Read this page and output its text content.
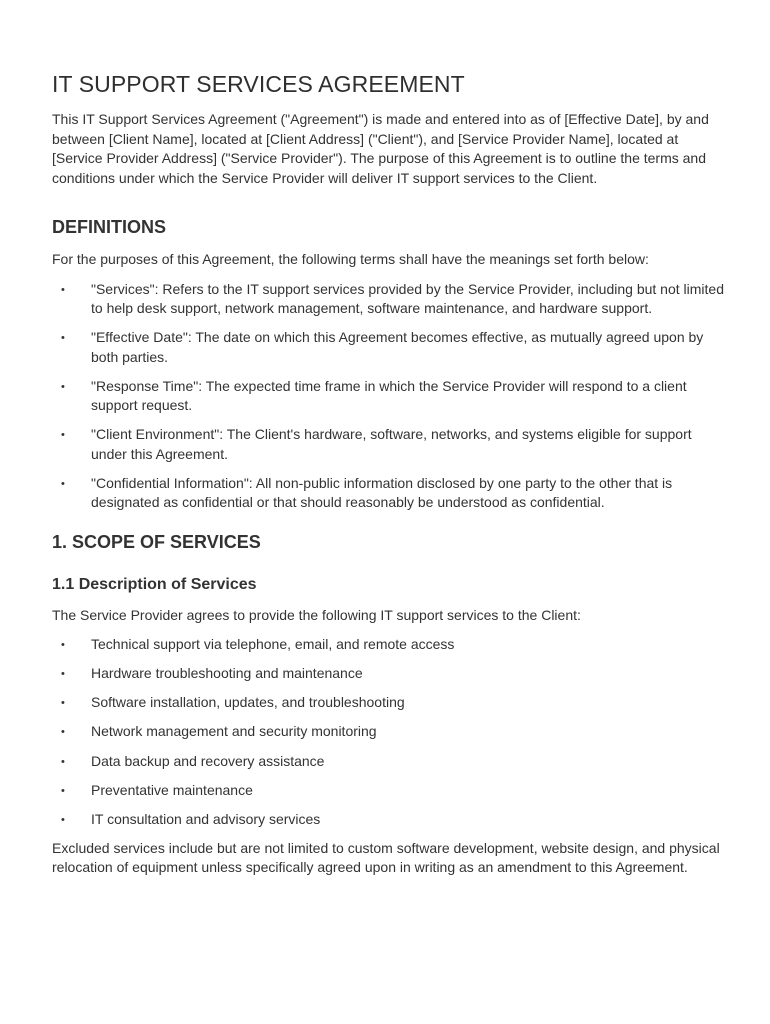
IT SUPPORT SERVICES AGREEMENT

This IT Support Services Agreement ("Agreement") is made and entered into as of [Effective Date], by and between [Client Name], located at [Client Address] ("Client"), and [Service Provider Name], located at [Service Provider Address] ("Service Provider"). The purpose of this Agreement is to outline the terms and conditions under which the Service Provider will deliver IT support services to the Client.

DEFINITIONS

For the purposes of this Agreement, the following terms shall have the meanings set forth below:

• "Services": Refers to the IT support services provided by the Service Provider, including but not limited to help desk support, network management, software maintenance, and hardware support.
• "Effective Date": The date on which this Agreement becomes effective, as mutually agreed upon by both parties.
• "Response Time": The expected time frame in which the Service Provider will respond to a client support request.
• "Client Environment": The Client's hardware, software, networks, and systems eligible for support under this Agreement.
• "Confidential Information": All non-public information disclosed by one party to the other that is designated as confidential or that should reasonably be understood as confidential.
1. SCOPE OF SERVICES
1.1 Description of Services

The Service Provider agrees to provide the following IT support services to the Client:

• Technical support via telephone, email, and remote access
• Hardware troubleshooting and maintenance
• Software installation, updates, and troubleshooting
• Network management and security monitoring
• Data backup and recovery assistance
• Preventative maintenance
• IT consultation and advisory services

Excluded services include but are not limited to custom software development, website design, and physical relocation of equipment unless specifically agreed upon in writing as an amendment to this Agreement.
